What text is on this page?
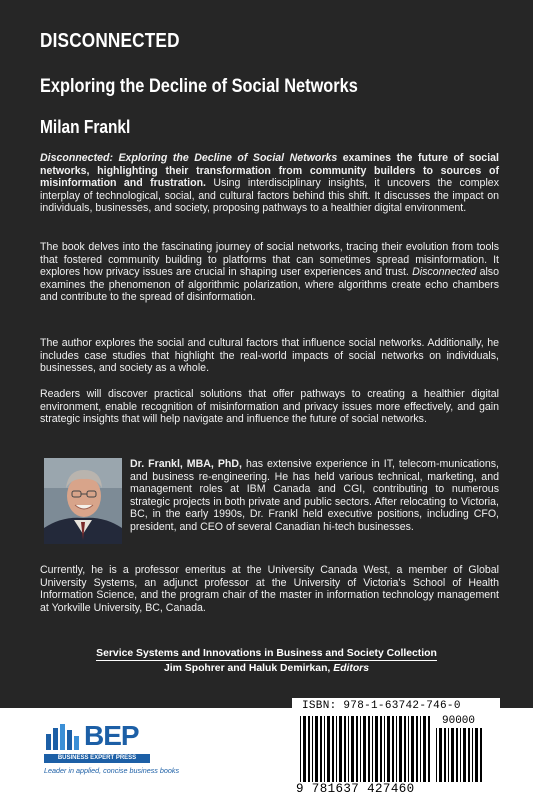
DISCONNECTED
Exploring the Decline of Social Networks
Milan Frankl

Disconnected: Exploring the Decline of Social Networks examines the future of social networks, highlighting their transformation from community builders to sources of misinformation and frustration. Using interdisciplinary insights, it uncovers the complex interplay of technological, social, and cultural factors behind this shift. It discusses the impact on individuals, businesses, and society, proposing pathways to a healthier digital environment.

The book delves into the fascinating journey of social networks, tracing their evolution from tools that fostered community building to platforms that can sometimes spread misinformation. It explores how privacy issues are crucial in shaping user experiences and trust. Disconnected also examines the phenomenon of algorithmic polarization, where algorithms create echo chambers and contribute to the spread of disinformation.

The author explores the social and cultural factors that influence social networks. Additionally, he includes case studies that highlight the real-world impacts of social networks on individuals, businesses, and society as a whole.

Readers will discover practical solutions that offer pathways to creating a healthier digital environment, enable recognition of misinformation and privacy issues more effectively, and gain strategic insights that will help navigate and influence the future of social networks.

Dr. Frankl, MBA, PhD, has extensive experience in IT, telecom-munications, and business re-engineering. He has held various technical, marketing, and management roles at IBM Canada and CGI, contributing to numerous strategic projects in both private and public sectors. After relocating to Victoria, BC, in the early 1990s, Dr. Frankl held executive positions, including CFO, president, and CEO of several Canadian hi-tech businesses.

Currently, he is a professor emeritus at the University Canada West, a member of Global University Systems, an adjunct professor at the University of Victoria's School of Health Information Science, and the program chair of the master in information technology management at Yorkville University, BC, Canada.

Service Systems and Innovations in Business and Society Collection
Jim Spohrer and Haluk Demirkan, Editors
BEP
BUSINESS EXPERT PRESS
Leader in applied, concise business books
ISBN: 978-1-63742-746-0
90000
9 781637 427460
